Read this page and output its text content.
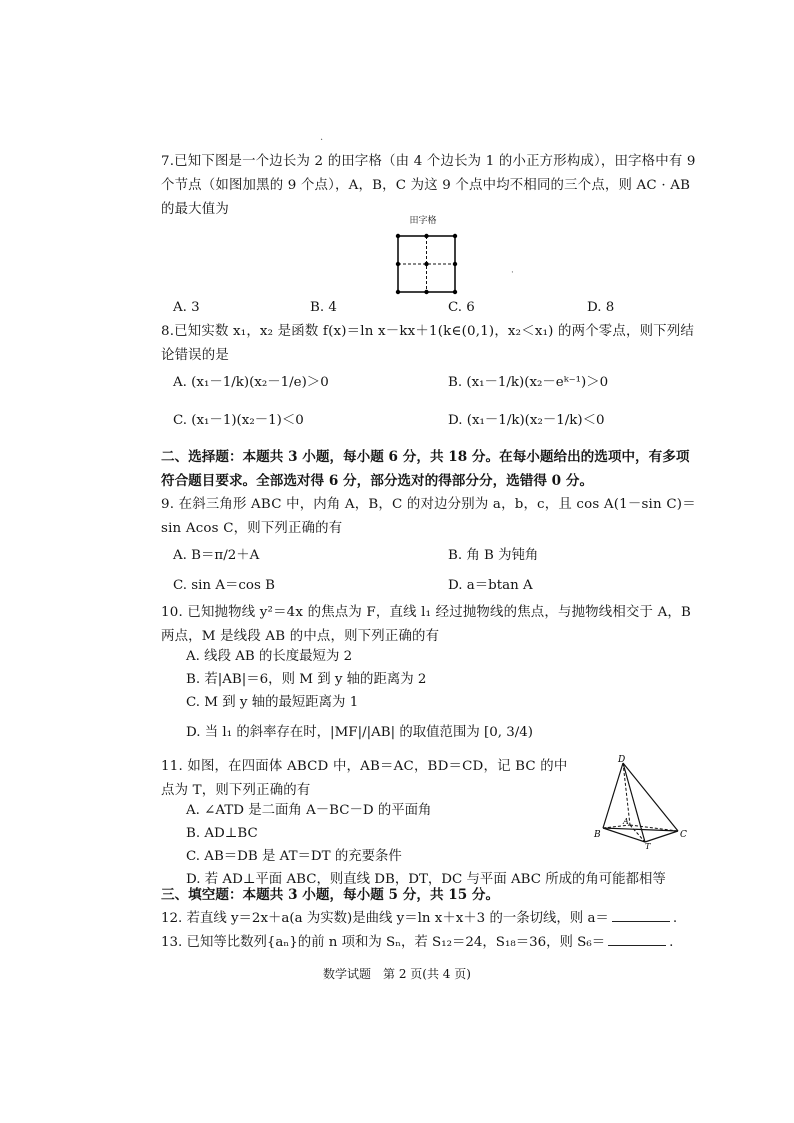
·
7.已知下图是一个边长为 2 的田字格（由 4 个边长为 1 的小正方形构成），田字格中有 9 个节点（如图加黑的 9 个点），A，B，C 为这 9 个点中均不相同的三个点，则 AC · AB 的最大值为
田字格
·
A. 3	B. 4	C. 6	D. 8
8.已知实数 x₁，x₂ 是函数 f(x)＝ln x－kx＋1(k∈(0,1)，x₂＜x₁) 的两个零点，则下列结论错误的是
A. (x₁－1/k)(x₂－1/e)＞0	B. (x₁－1/k)(x₂－eᵏ⁻¹)＞0
C. (x₁－1)(x₂－1)＜0	D. (x₁－1/k)(x₂－1/k)＜0
二、选择题：本题共 3 小题，每小题 6 分，共 18 分。在每小题给出的选项中，有多项符合题目要求。全部选对得 6 分，部分选对的得部分分，选错得 0 分。
9. 在斜三角形 ABC 中，内角 A，B，C 的对边分别为 a，b，c，且 cos A(1－sin C)＝sin Acos C，则下列正确的有
A. B＝π/2＋A	B. 角 B 为钝角
C. sin A＝cos B	D. a＝btan A
10. 已知抛物线 y²＝4x 的焦点为 F，直线 l₁ 经过抛物线的焦点，与抛物线相交于 A，B 两点，M 是线段 AB 的中点，则下列正确的有
A. 线段 AB 的长度最短为 2
B. 若|AB|＝6，则 M 到 y 轴的距离为 2
C. M 到 y 轴的最短距离为 1
D. 当 l₁ 的斜率存在时，|MF|/|AB| 的取值范围为 [0, 3/4)
11. 如图，在四面体 ABCD 中，AB＝AC，BD＝CD，记 BC 的中点为 T，则下列正确的有
A. ∠ATD 是二面角 A－BC－D 的平面角
B. AD⊥BC
C. AB＝DB 是 AT＝DT 的充要条件
D. 若 AD⊥平面 ABC，则直线 DB，DT，DC 与平面 ABC 所成的角可能都相等
D
A
B	C
T
三、填空题：本题共 3 小题，每小题 5 分，共 15 分。
12. 若直线 y＝2x＋a(a 为实数)是曲线 y＝ln x＋x＋3 的一条切线，则 a＝	.
13. 已知等比数列{aₙ}的前 n 项和为 Sₙ，若 S₁₂＝24，S₁₈＝36，则 S₆＝	.
数学试题　第 2 页(共 4 页)
